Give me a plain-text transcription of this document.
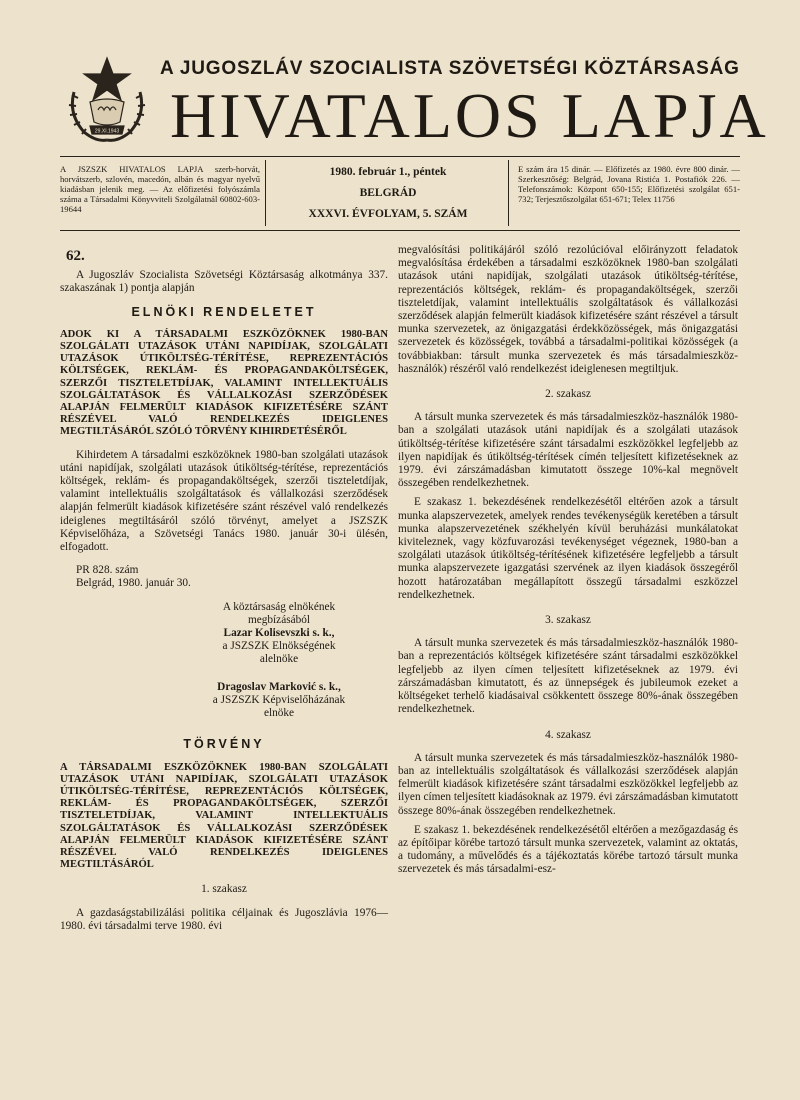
29.XI.1943
A JUGOSZLÁV SZOCIALISTA SZÖVETSÉGI KÖZTÁRSASÁG
HIVATALOS LAPJA
A JSZSZK HIVATALOS LAPJA szerb-horvát, horvátszerb, szlovén, macedón, albán és magyar nyelvű kiadásban jelenik meg. — Az előfizetési folyószámla száma a Társadalmi Könyvviteli Szolgálatnál 60802-603-19644
1980. február 1., péntek
BELGRÁD
XXXVI. ÉVFOLYAM, 5. SZÁM
E szám ára 15 dinár. — Előfizetés az 1980. évre 800 dinár. — Szerkesztőség: Belgrád, Jovana Ristića 1. Postafiók 226. — Telefonszámok: Központ 650-155; Előfizetési szolgálat 651-732; Terjesztőszolgálat 651-671; Telex 11756
62.

A Jugoszláv Szocialista Szövetségi Köztársaság alkotmánya 337. szakaszának 1) pontja alapján

ELNÖKI RENDELETET

ADOK KI A TÁRSADALMI ESZKÖZÖKNEK 1980-BAN SZOLGÁLATI UTAZÁSOK UTÁNI NAPIDÍJAK, SZOLGÁLATI UTAZÁSOK ÚTIKÖLTSÉG-TÉRÍTÉSE, REPREZENTÁCIÓS KÖLTSÉGEK, REKLÁM- ÉS PROPAGANDAKÖLTSÉGEK, SZERZŐI TISZTELETDÍJAK, VALAMINT INTELLEKTUÁLIS SZOLGÁLTATÁSOK ÉS VÁLLALKOZÁSI SZERZŐDÉSEK ALAPJÁN FELMERÜLT KIADÁSOK KIFIZETÉSÉRE SZÁNT RÉSZÉVEL VALÓ RENDELKEZÉS IDEIGLENES MEGTILTÁSÁRÓL SZÓLÓ TÖRVÉNY KIHIRDETÉSÉRŐL

Kihirdetem A társadalmi eszközöknek 1980-ban szolgálati utazások utáni napidíjak, szolgálati utazások útiköltség-térítése, reprezentációs költségek, reklám- és propagandaköltségek, szerzői tiszteletdíjak, valamint intellektuális szolgáltatások és vállalkozási szerződések alapján felmerült kiadások kifizetésére szánt részével való rendelkezés ideiglenes megtiltásáról szóló törvényt, amelyet a JSZSZK Képviselőháza, a Szövetségi Tanács 1980. január 30-i ülésén, elfogadott.

PR 828. szám

Belgrád, 1980. január 30.

A köztársaság elnökének

megbízásából

Lazar Kolisevszki s. k.,

a JSZSZK Elnökségének

alelnöke

Dragoslav Marković s. k.,

a JSZSZK Képviselőházának

elnöke

TÖRVÉNY

A TÁRSADALMI ESZKÖZÖKNEK 1980-BAN SZOLGÁLATI UTAZÁSOK UTÁNI NAPIDÍJAK, SZOLGÁLATI UTAZÁSOK ÚTIKÖLTSÉG-TÉRÍTÉSE, REPREZENTÁCIÓS KÖLTSÉGEK, REKLÁM- ÉS PROPAGANDAKÖLTSÉGEK, SZERZŐI TISZTELETDÍJAK, VALAMINT INTELLEKTUÁLIS SZOLGÁLTATÁSOK ÉS VÁLLALKOZÁSI SZERZŐDÉSEK ALAPJÁN FELMERÜLT KIADÁSOK KIFIZETÉSÉRE SZÁNT RÉSZÉVEL VALÓ RENDELKEZÉS IDEIGLENES MEGTILTÁSÁRÓL

1. szakasz

A gazdaságstabilizálási politika céljainak és Jugoszlávia 1976—1980. évi társadalmi terve 1980. évi

megvalósítási politikájáról szóló rezolúcióval előirányzott feladatok megvalósítása érdekében a társadalmi eszközöknek 1980-ban szolgálati utazások utáni napidíjak, szolgálati utazások útiköltség-térítése, reprezentációs költségek, reklám- és propagandaköltségek, szerzői tiszteletdíjak, valamint intellektuális szolgáltatások és vállalkozási szerződések alapján felmerült kiadások kifizetésére szánt részével a társult munka szervezetek, az önigazgatási érdekközösségek, más önigazgatási szervezetek és közösségek, továbbá a társadalmi-politikai közösségek (a továbbiakban: társult munka szervezetek és más társadalmieszköz-használók) részéről való rendelkezést ideiglenesen megtiltjuk.

2. szakasz

A társult munka szervezetek és más társadalmieszköz-használók 1980-ban a szolgálati utazások utáni napidíjak és a szolgálati utazások útiköltség-térítése kifizetésére szánt társadalmi eszközökkel legfeljebb az ilyen napidíjak és útiköltség-térítések címén teljesített kifizetéseknek az 1979. évi zárszámadásban kimutatott összege 10%-kal megnövelt összegében rendelkezhetnek.

E szakasz 1. bekezdésének rendelkezésétől eltérően azok a társult munka alapszervezetek, amelyek rendes tevékenységük keretében a társult munka alapszervezetének székhelyén kívül beruházási munkálatokat kiviteleznek, vagy közfuvarozási tevékenységet végeznek, 1980-ban a szolgálati utazások útiköltség-térítésének kifizetésére legfeljebb a társult munka alapszervezete igazgatási szervének az ilyen kiadások összegéről hozott határozatában megállapított összegű társadalmi eszközzel rendelkezhetnek.

3. szakasz

A társult munka szervezetek és más társadalmieszköz-használók 1980-ban a reprezentációs költségek kifizetésére szánt társadalmi eszközökkel legfeljebb az ilyen címen teljesített kifizetéseknek az 1979. évi zárszámadásban kimutatott, és az ünnepségek és jubileumok ezeket a költségeket terhelő kiadásaival csökkentett összege 80%-ának összegében rendelkezhetnek.

4. szakasz

A társult munka szervezetek és más társadalmieszköz-használók 1980-ban az intellektuális szolgáltatások és vállalkozási szerződések alapján felmerült kiadások kifizetésére szánt társadalmi eszközökkel legfeljebb az ilyen címen teljesített kiadásoknak az 1979. évi zárszámadásban kimutatott összege 80%-ának összegében rendelkezhetnek.

E szakasz 1. bekezdésének rendelkezésétől eltérően a mezőgazdaság és az építőipar körébe tartozó társult munka szervezetek, valamint az oktatás, a tudomány, a művelődés és a tájékoztatás körébe tartozó társult munka szervezetek és más társadalmi-esz-
